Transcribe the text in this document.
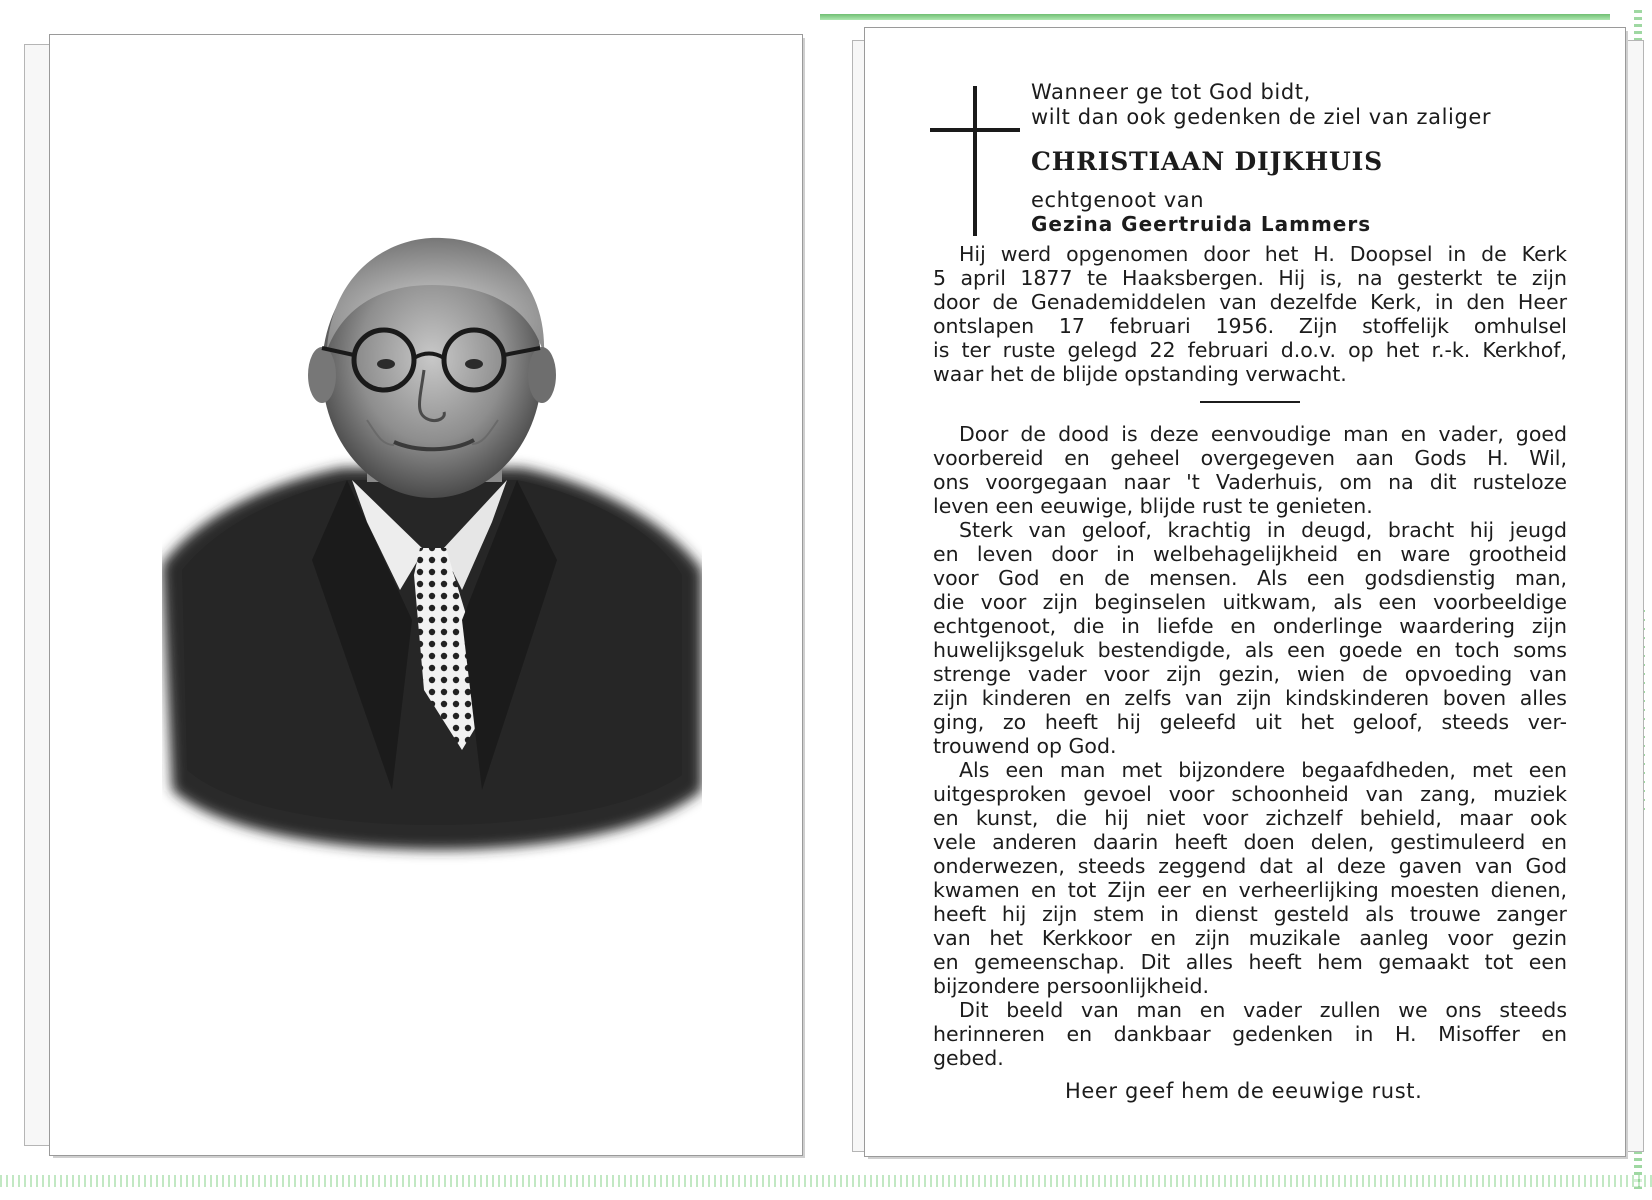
Wanneer ge tot God bidt,
wilt dan ook gedenken de ziel van zaliger
CHRISTIAAN DIJKHUIS
echtgenoot van
Gezina Geertruida Lammers
Hij werd opgenomen door het H. Doopsel in de Kerk
5 april 1877 te Haaksbergen. Hij is, na gesterkt te zijn
door de Genademiddelen van dezelfde Kerk, in den Heer
ontslapen 17 februari 1956. Zijn stoffelijk omhulsel
is ter ruste gelegd 22 februari d.o.v. op het r.-k. Kerkhof,
waar het de blijde opstanding verwacht.
Door de dood is deze eenvoudige man en vader, goed
voorbereid en geheel overgegeven aan Gods H. Wil,
ons voorgegaan naar 't Vaderhuis, om na dit rusteloze
leven een eeuwige, blijde rust te genieten.
Sterk van geloof, krachtig in deugd, bracht hij jeugd
en leven door in welbehagelijkheid en ware grootheid
voor God en de mensen. Als een godsdienstig man,
die voor zijn beginselen uitkwam, als een voorbeeldige
echtgenoot, die in liefde en onderlinge waardering zijn
huwelijksgeluk bestendigde, als een goede en toch soms
strenge vader voor zijn gezin, wien de opvoeding van
zijn kinderen en zelfs van zijn kindskinderen boven alles
ging, zo heeft hij geleefd uit het geloof, steeds ver-
trouwend op God.
Als een man met bijzondere begaafdheden, met een
uitgesproken gevoel voor schoonheid van zang, muziek
en kunst, die hij niet voor zichzelf behield, maar ook
vele anderen daarin heeft doen delen, gestimuleerd en
onderwezen, steeds zeggend dat al deze gaven van God
kwamen en tot Zijn eer en verheerlijking moesten dienen,
heeft hij zijn stem in dienst gesteld als trouwe zanger
van het Kerkkoor en zijn muzikale aanleg voor gezin
en gemeenschap. Dit alles heeft hem gemaakt tot een
bijzondere persoonlijkheid.
Dit beeld van man en vader zullen we ons steeds
herinneren en dankbaar gedenken in H. Misoffer en
gebed.
Heer geef hem de eeuwige rust.
